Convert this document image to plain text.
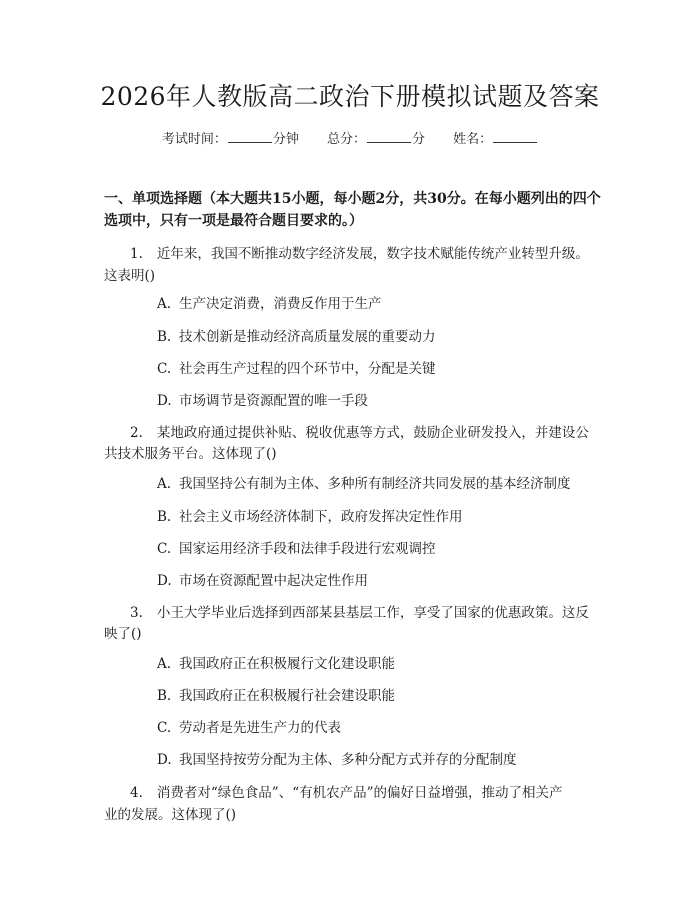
2026年人教版高二政治下册模拟试题及答案
考试时间：	分钟 总分：	分 姓名：
一、单项选择题（本大题共15小题，每小题2分，共30分。在每小题列出的四个选项中，只有一项是最符合题目要求的。）
1. 近年来，我国不断推动数字经济发展，数字技术赋能传统产业转型升级。
这表明()
A. 生产决定消费，消费反作用于生产
B. 技术创新是推动经济高质量发展的重要动力
C. 社会再生产过程的四个环节中，分配是关键
D. 市场调节是资源配置的唯一手段
2. 某地政府通过提供补贴、税收优惠等方式，鼓励企业研发投入，并建设公
共技术服务平台。这体现了()
A. 我国坚持公有制为主体、多种所有制经济共同发展的基本经济制度
B. 社会主义市场经济体制下，政府发挥决定性作用
C. 国家运用经济手段和法律手段进行宏观调控
D. 市场在资源配置中起决定性作用
3. 小王大学毕业后选择到西部某县基层工作，享受了国家的优惠政策。这反
映了()
A. 我国政府正在积极履行文化建设职能
B. 我国政府正在积极履行社会建设职能
C. 劳动者是先进生产力的代表
D. 我国坚持按劳分配为主体、多种分配方式并存的分配制度
4. 消费者对“绿色食品”、“有机农产品”的偏好日益增强，推动了相关产
业的发展。这体现了()
